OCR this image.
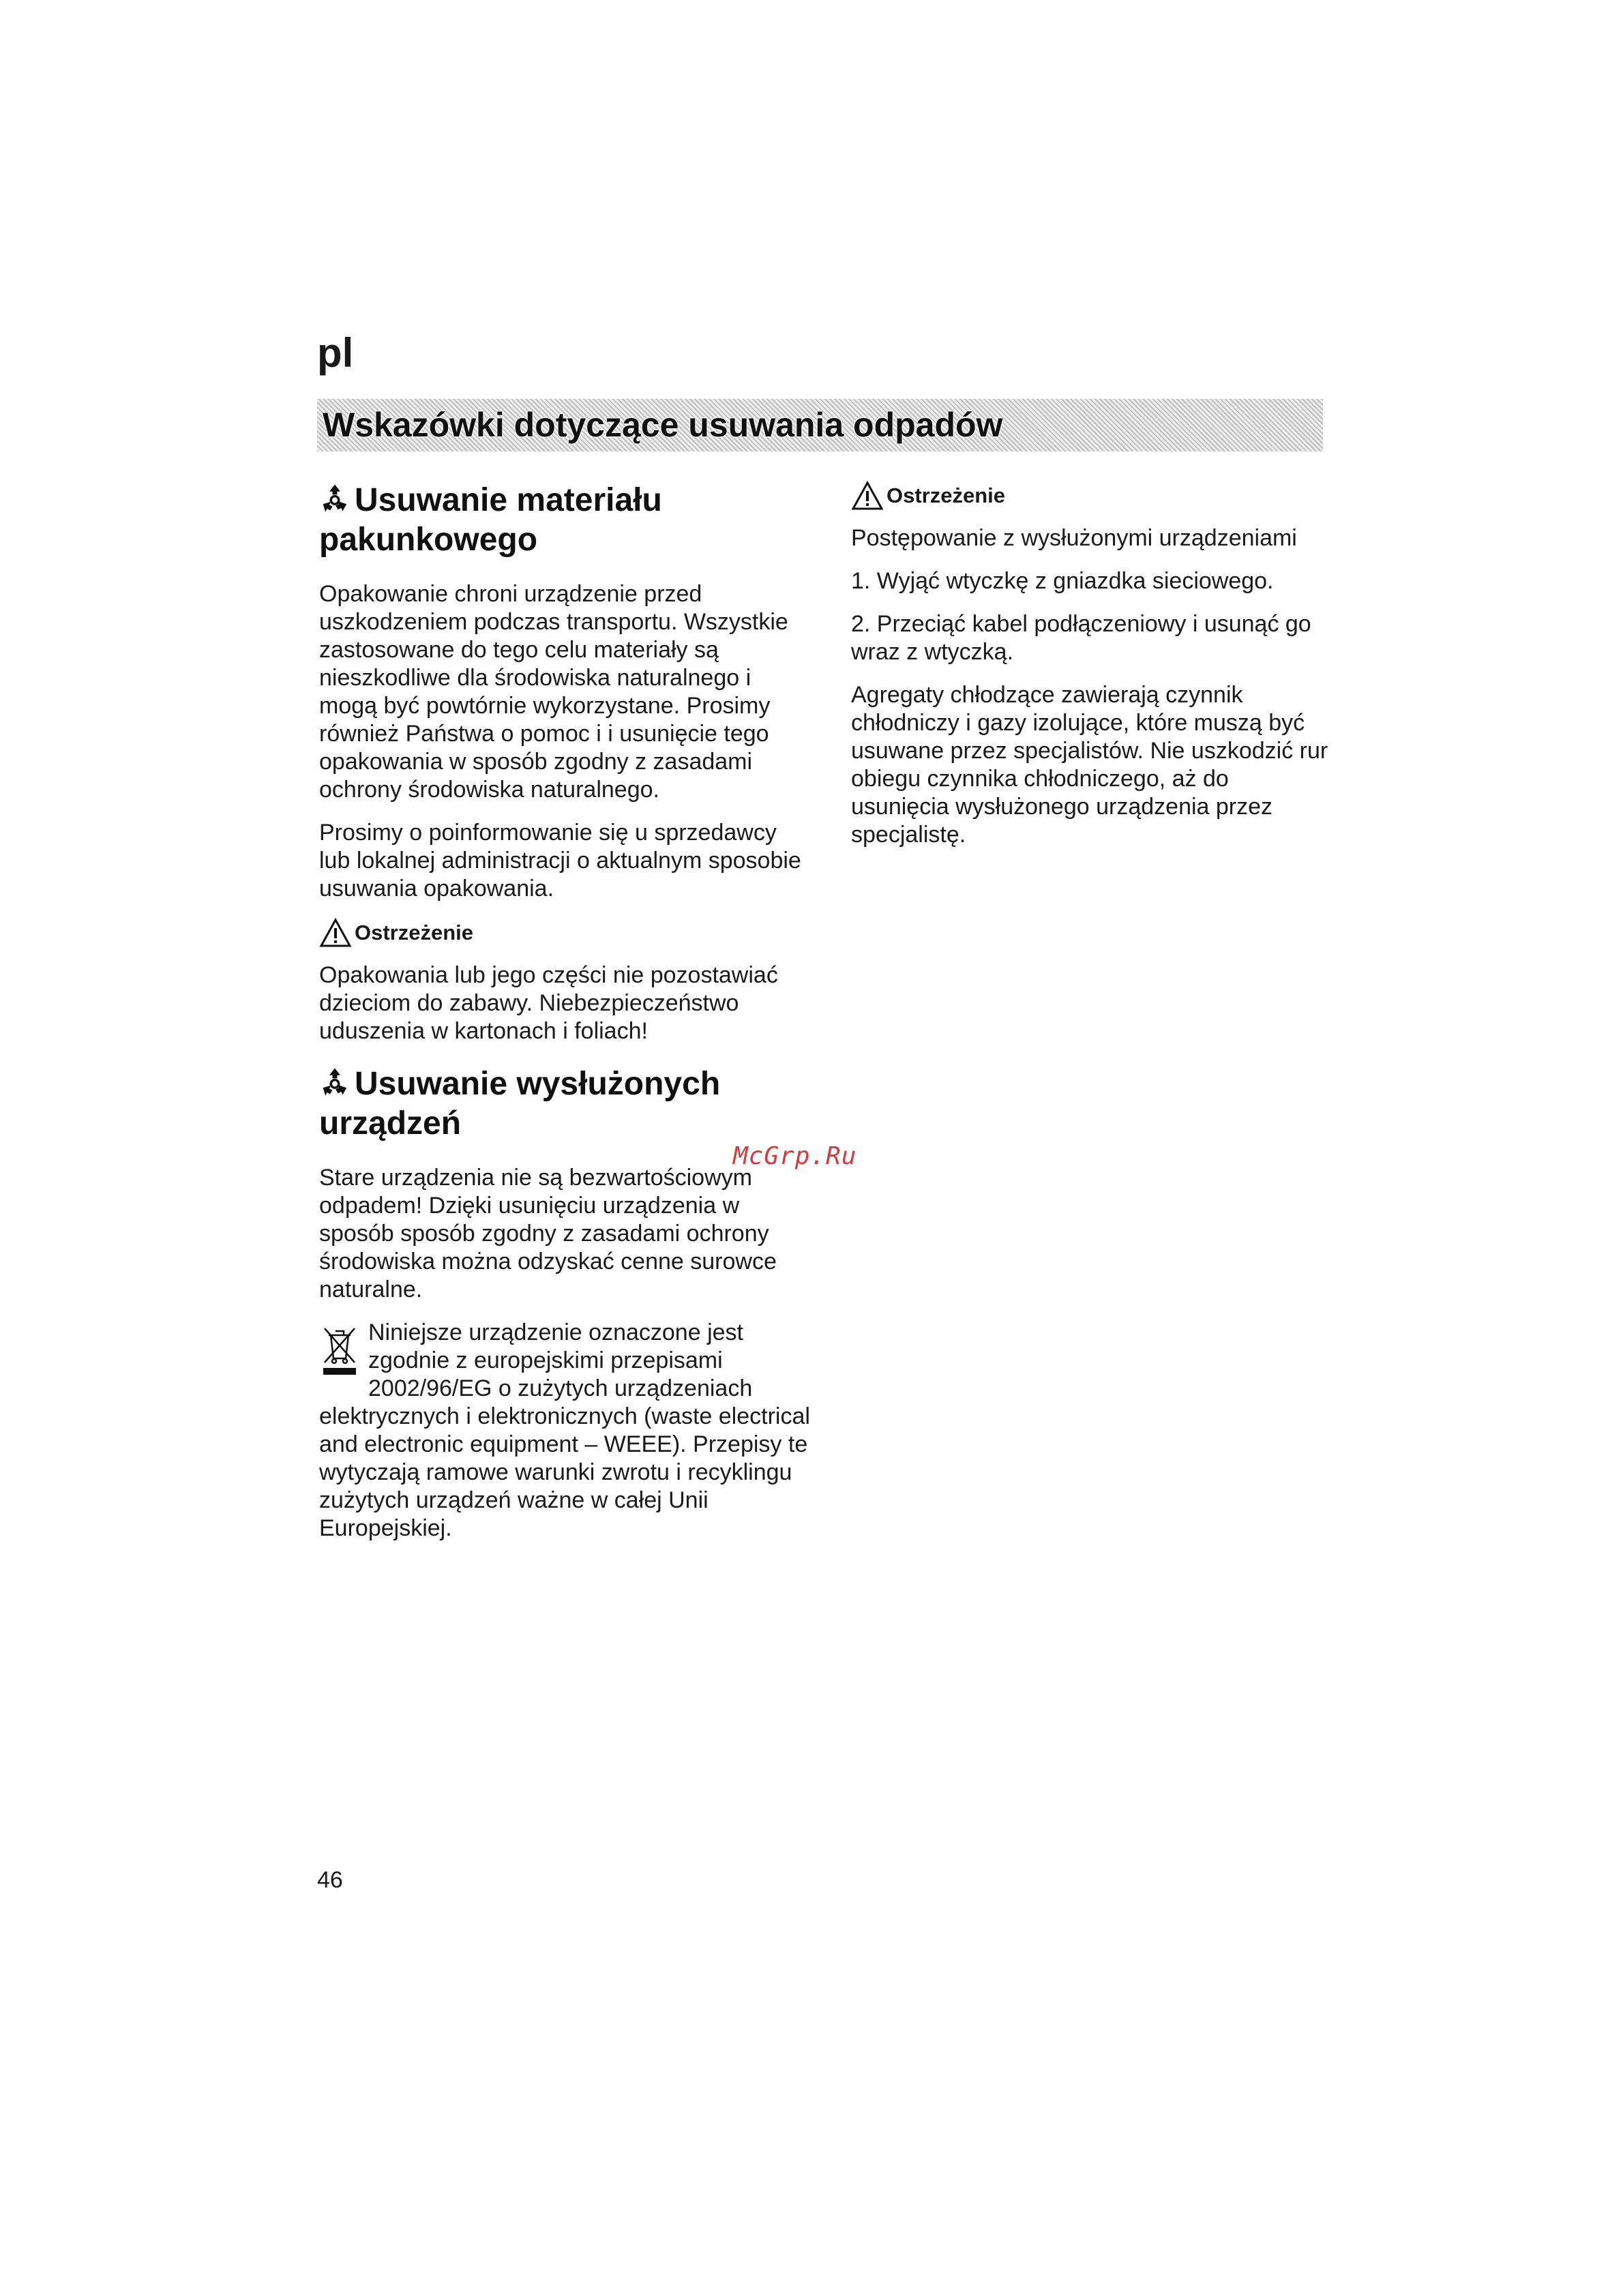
pl
Wskazówki dotyczące usuwania odpadów
Usuwanie materiału pakunkowego
Opakowanie chroni urządzenie przed uszkodzeniem podczas transportu. Wszystkie zastosowane do tego celu materiały są nieszkodliwe dla środowiska naturalnego i mogą być powtórnie wykorzystane. Prosimy również Państwa o pomoc i i usunięcie tego opakowania w sposób zgodny z zasadami ochrony środowiska naturalnego.
Prosimy o poinformowanie się u sprzedawcy lub lokalnej administracji o aktualnym sposobie usuwania opakowania.
Ostrzeżenie
Opakowania lub jego części nie pozostawiać dzieciom do zabawy. Niebezpieczeństwo uduszenia w kartonach i foliach!
Usuwanie wysłużonych urządzeń
Stare urządzenia nie są bezwartościowym odpadem! Dzięki usunięciu urządzenia w sposób sposób zgodny z zasadami ochrony środowiska można odzyskać cenne surowce naturalne.
Niniejsze urządzenie oznaczone jest
zgodnie z europejskimi przepisami
2002/96/EG o zużytych urządzeniach
elektrycznych i elektronicznych (waste electrical and electronic equipment – WEEE). Przepisy te wytyczają ramowe warunki zwrotu i recyklingu zużytych urządzeń ważne w całej Unii Europejskiej.
Ostrzeżenie
Postępowanie z wysłużonymi urządzeniami
1. Wyjąć wtyczkę z gniazdka sieciowego.
2. Przeciąć kabel podłączeniowy i usunąć go wraz z wtyczką.
Agregaty chłodzące zawierają czynnik chłodniczy i gazy izolujące, które muszą być usuwane przez specjalistów. Nie uszkodzić rur obiegu czynnika chłodniczego, aż do usunięcia wysłużonego urządzenia przez specjalistę.
McGrp.Ru
46
